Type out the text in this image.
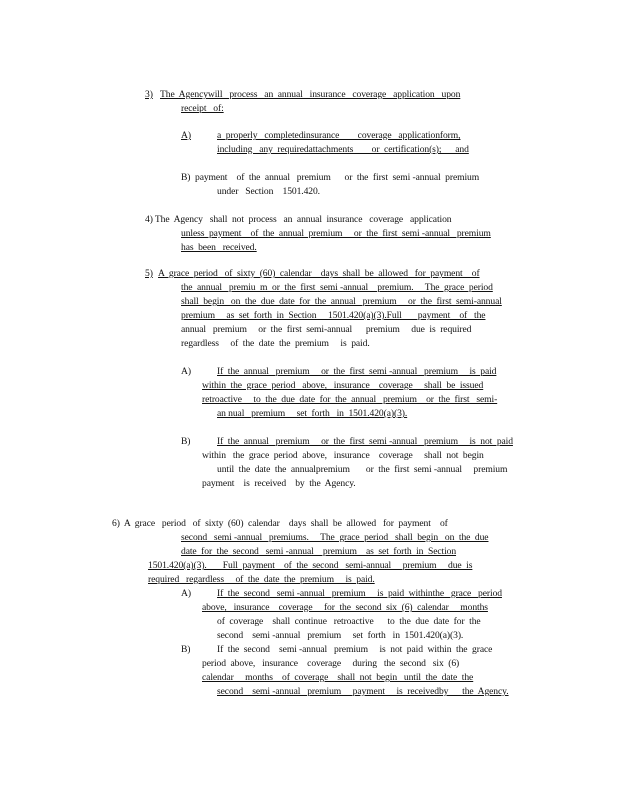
3) The  Agencywill   process   an  annual   insurance   coverage   application   upon
receipt   of:
A)	a  properly   completedinsurance        coverage   applicationform,
including   any  requiredattachments        or  certification(s);      and
B)  payment    of  the  annual   premium      or  the  first  semi -annual  premium
under   Section    1501.420.
4) The  Agency   shall  not  process   an  annual  insurance   coverage   application
unless  payment    of  the  annual  premium     or  the  first  semi -annual   premium
has  been   received.
5) A  grace  period   of  sixty  (60)  calendar    days  shall  be  allowed   for  payment    of
the  annual   premiu  m  or  the  first  semi -annual    premium.     The  grace  period
shall  begin   on  the  due  date  for  the  annual   premium     or  the  first  semi-annual
premium     as  set  forth  in  Section     1501.420(a)(3).Full       payment    of   the
annual   premium     or  the  first  semi-annual      premium     due  is  required
regardless     of  the  date  the  premium     is  paid.
A)	If  the  annual   premium     or  the  first  semi -annual   premium     is  paid
within  the  grace  period   above,   insurance    coverage     shall  be  issued
retroactive     to  the  due  date  for  the  annual   premium    or  the  first   semi-
an nual   premium     set  forth   in  1501.420(a)(3).
B)	If  the  annual   premium     or  the  first  semi -annual   premium     is  not  paid
within   the  grace  period  above,   insurance    coverage     shall  not  begin
until  the  date  the  annualpremium       or  the  first  semi -annual     premium
payment    is  received    by  the  Agency.
6)  A  grace   period   of  sixty  (60)  calendar    days  shall  be  allowed   for  payment    of
second   semi -annual   premiums.     The  grace  period   shall  begin   on  the  due
date  for  the  second   semi -annual    premium    as  set  forth  in  Section
1501.420(a)(3).       Full  payment    of  the  second   semi-annual     premium     due  is
required   regardless     of  the  date  the  premium     is  paid.
A)	If  the  second   semi -annual   premium     is  paid  withinthe   grace   period
above,   insurance    coverage     for  the  second  six  (6)  calendar     months
of  coverage    shall  continue   retroactive      to  the  due  date  for  the
second    semi -annual   premium     set  forth   in  1501.420(a)(3).
B)	If  the  second    semi -annual   premium     is  not  paid  within  the  grace
period  above,   insurance    coverage     during   the  second   six  (6)
calendar     months    of  coverage    shall  not  begin   until  the  date  the
second    semi -annual   premium     payment     is  receivedby      the  Agency.
